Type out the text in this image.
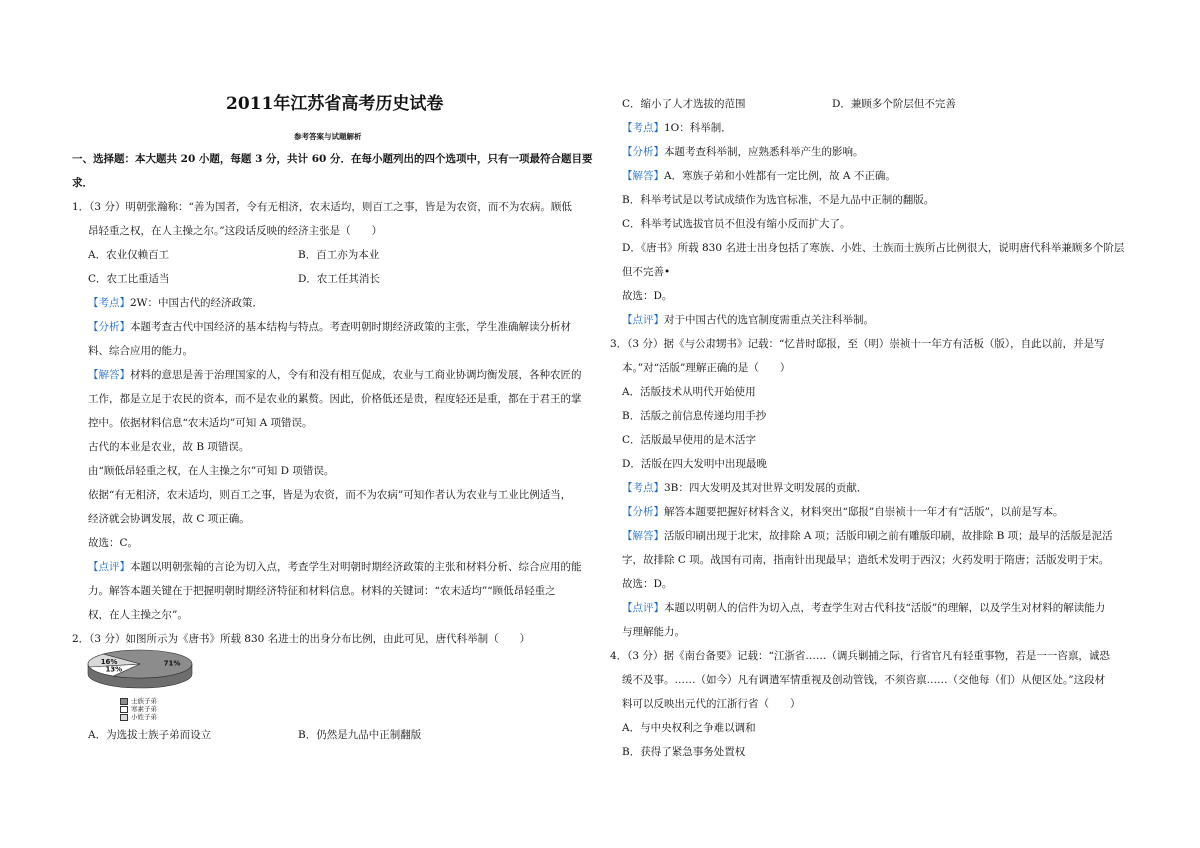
2011年江苏省高考历史试卷
参考答案与试题解析
一、选择题：本大题共 20 小题，每题 3 分，共计 60 分．在每小题列出的四个选项中，只有一项最符合题目要
求．
1．（3 分）明朝张瀚称：“善为国者，令有无相济，农末适均，则百工之事，皆是为农资，而不为农病。顾低
昂轻重之权，在人主操之尔。”这段话反映的经济主张是（　　）
A．农业仅赖百工	B．百工亦为本业
C．农工比重适当	D．农工任其消长
【考点】2W：中国古代的经济政策．
【分析】本题考查古代中国经济的基本结构与特点。考查明朝时期经济政策的主张，学生准确解读分析材
料、综合应用的能力。
【解答】材料的意思是善于治理国家的人，令有和没有相互促成，农业与工商业协调均衡发展，各种农匠的
工作，都是立足于农民的资本，而不是农业的累赘。因此，价格低还是贵，程度轻还是重，都在于君王的掌
控中。依据材料信息“农末适均”可知 A 项错误。
古代的本业是农业，故 B 项错误。
由“顾低昂轻重之权，在人主操之尔”可知 D 项错误。
依据“有无相济，农末适均，则百工之事，皆是为农资，而不为农病”可知作者认为农业与工业比例适当，
经济就会协调发展，故 C 项正确。
故选：C。
【点评】本题以明朝张翰的言论为切入点，考查学生对明朝时期经济政策的主张和材料分析、综合应用的能
力。解答本题关键在于把握明朝时期经济特征和材料信息。材料的关键词：“农末适均”“顾低昂轻重之
权，在人主操之尔”。
2．（3 分）如图所示为《唐书》所载 830 名进士的出身分布比例，由此可见，唐代科举制（　　）
71%
13%
16%
士族子弟
寒素子弟
小姓子弟
A．为选拔士族子弟而设立	B．仍然是九品中正制翻版
C．缩小了人才选拔的范围	D．兼顾多个阶层但不完善
【考点】1O：科举制．
【分析】本题考查科举制，应熟悉科举产生的影响。
【解答】A．寒族子弟和小姓都有一定比例，故 A 不正确。
B．科举考试是以考试成绩作为选官标准，不是九品中正制的翻版。
C．科举考试选拔官员不但没有缩小反而扩大了。
D．《唐书》所载 830 名进士出身包括了寒族、小姓、士族而士族所占比例很大，说明唐代科举兼顾多个阶层
但不完善•
故选：D。
【点评】对于中国古代的选官制度需重点关注科举制。
3．（3 分）据《与公肃甥书》记载：“忆昔时邸报，至（明）崇祯十一年方有活板（版），自此以前，并是写
本。”对“活版”理解正确的是（　　）
A．活版技术从明代开始使用
B．活版之前信息传递均用手抄
C．活版最早使用的是木活字
D．活版在四大发明中出现最晚
【考点】3B：四大发明及其对世界文明发展的贡献．
【分析】解答本题要把握好材料含义，材料突出“邸报”自崇祯十一年才有“活版”，以前是写本。
【解答】活版印刷出现于北宋，故排除 A 项；活版印刷之前有雕版印刷，故排除 B 项；最早的活版是泥活
字，故排除 C 项。战国有司南，指南针出现最早；造纸术发明于西汉；火药发明于隋唐；活版发明于宋。
故选：D。
【点评】本题以明朝人的信件为切入点，考查学生对古代科技“活版”的理解，以及学生对材料的解读能力
与理解能力。
4．（3 分）据《南台备要》记载：“江浙省……（调兵剿捕之际，行省官凡有轻重事物，若是一一咨禀，诚恐
缓不及事。……（如今）凡有调遣军情重视及创动管钱，不须咨禀……（交他每（们）从便区处。”这段材
料可以反映出元代的江浙行省（　　）
A．与中央权利之争难以调和
B．获得了紧急事务处置权
